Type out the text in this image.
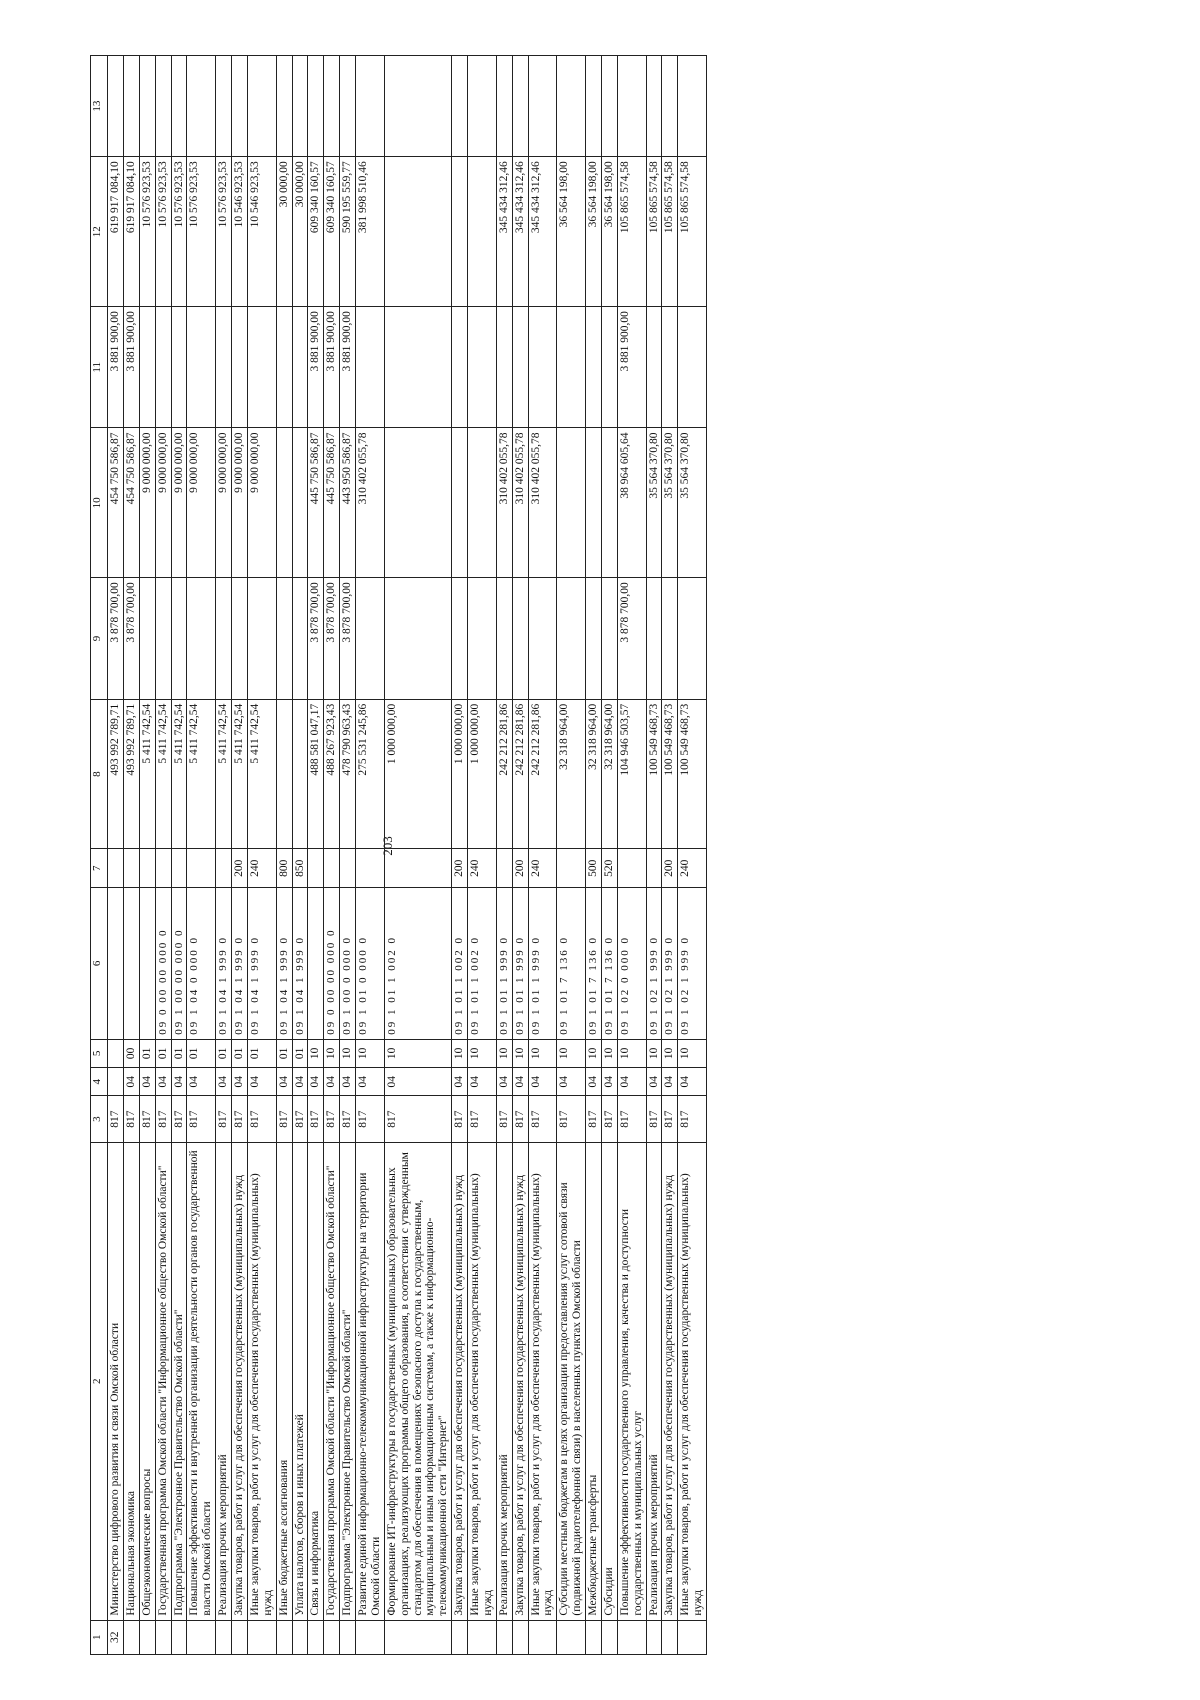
203
1	2	3	4	5	6	7	8	9	10	11	12	13
32	Министерство цифрового развития и связи Омской области	817					493 992 789,71	3 878 700,00	454 750 586,87	3 881 900,00	619 917 084,10	
	Национальная экономика	817	04	00			493 992 789,71	3 878 700,00	454 750 586,87	3 881 900,00	619 917 084,10	
	Общеэкономические вопросы	817	04	01			5 411 742,54		9 000 000,00		10 576 923,53	
	Государственная программа Омской области "Информационное общество Омской области"	817	04	01	09 0 00 00 000 0		5 411 742,54		9 000 000,00		10 576 923,53	
	Подпрограмма "Электронное Правительство Омской области"	817	04	01	09 1 00 00 000 0		5 411 742,54		9 000 000,00		10 576 923,53	
	Повышение эффективности и внутренней организации деятельности органов государственной власти Омской области	817	04	01	09 1 04 0 000 0		5 411 742,54		9 000 000,00		10 576 923,53	
	Реализация прочих мероприятий	817	04	01	09 1 04 1 999 0		5 411 742,54		9 000 000,00		10 576 923,53	
	Закупка товаров, работ и услуг для обеспечения государственных (муниципальных) нужд	817	04	01	09 1 04 1 999 0	200	5 411 742,54		9 000 000,00		10 546 923,53	
	Иные закупки товаров, работ и услуг для обеспечения государственных (муниципальных) нужд	817	04	01	09 1 04 1 999 0	240	5 411 742,54		9 000 000,00		10 546 923,53	
	Иные бюджетные ассигнования	817	04	01	09 1 04 1 999 0	800					30 000,00	
	Уплата налогов, сборов и иных платежей	817	04	01	09 1 04 1 999 0	850					30 000,00	
	Связь и информатика	817	04	10			488 581 047,17	3 878 700,00	445 750 586,87	3 881 900,00	609 340 160,57	
	Государственная программа Омской области "Информационное общество Омской области"	817	04	10	09 0 00 00 000 0		488 267 923,43	3 878 700,00	445 750 586,87	3 881 900,00	609 340 160,57	
	Подпрограмма "Электронное Правительство Омской области"	817	04	10	09 1 00 0 000 0		478 790 963,43	3 878 700,00	443 950 586,87	3 881 900,00	590 195 559,77	
	Развитие единой информационно-телекоммуникационной инфраструктуры на территории Омской области	817	04	10	09 1 01 0 000 0		275 531 245,86		310 402 055,78		381 998 510,46	
	Формирование ИТ-инфраструктуры в государственных (муниципальных) образовательных организациях, реализующих программы общего образования, в соответствии с утвержденным стандартом для обеспечения в помещениях безопасного доступа к государственным, муниципальным и иным информационным системам, а также к информационно-телекоммуникационной сети "Интернет"	817	04	10	09 1 01 1 002 0		1 000 000,00					
	Закупка товаров, работ и услуг для обеспечения государственных (муниципальных) нужд	817	04	10	09 1 01 1 002 0	200	1 000 000,00					
	Иные закупки товаров, работ и услуг для обеспечения государственных (муниципальных) нужд	817	04	10	09 1 01 1 002 0	240	1 000 000,00					
	Реализация прочих мероприятий	817	04	10	09 1 01 1 999 0		242 212 281,86		310 402 055,78		345 434 312,46	
	Закупка товаров, работ и услуг для обеспечения государственных (муниципальных) нужд	817	04	10	09 1 01 1 999 0	200	242 212 281,86		310 402 055,78		345 434 312,46	
	Иные закупки товаров, работ и услуг для обеспечения государственных (муниципальных) нужд	817	04	10	09 1 01 1 999 0	240	242 212 281,86		310 402 055,78		345 434 312,46	
	Субсидии местным бюджетам в целях организации предоставления услуг сотовой связи (подвижной радиотелефонной связи) в населенных пунктах Омской области	817	04	10	09 1 01 7 136 0		32 318 964,00				36 564 198,00	
	Межбюджетные трансферты	817	04	10	09 1 01 7 136 0	500	32 318 964,00				36 564 198,00	
	Субсидии	817	04	10	09 1 01 7 136 0	520	32 318 964,00				36 564 198,00	
	Повышение эффективности государственного управления, качества и доступности государственных и муниципальных услуг	817	04	10	09 1 02 0 000 0		104 946 503,57	3 878 700,00	38 964 605,64	3 881 900,00	105 865 574,58	
	Реализация прочих мероприятий	817	04	10	09 1 02 1 999 0		100 549 468,73		35 564 370,80		105 865 574,58	
	Закупка товаров, работ и услуг для обеспечения государственных (муниципальных) нужд	817	04	10	09 1 02 1 999 0	200	100 549 468,73		35 564 370,80		105 865 574,58	
	Иные закупки товаров, работ и услуг для обеспечения государственных (муниципальных) нужд	817	04	10	09 1 02 1 999 0	240	100 549 468,73		35 564 370,80		105 865 574,58	
